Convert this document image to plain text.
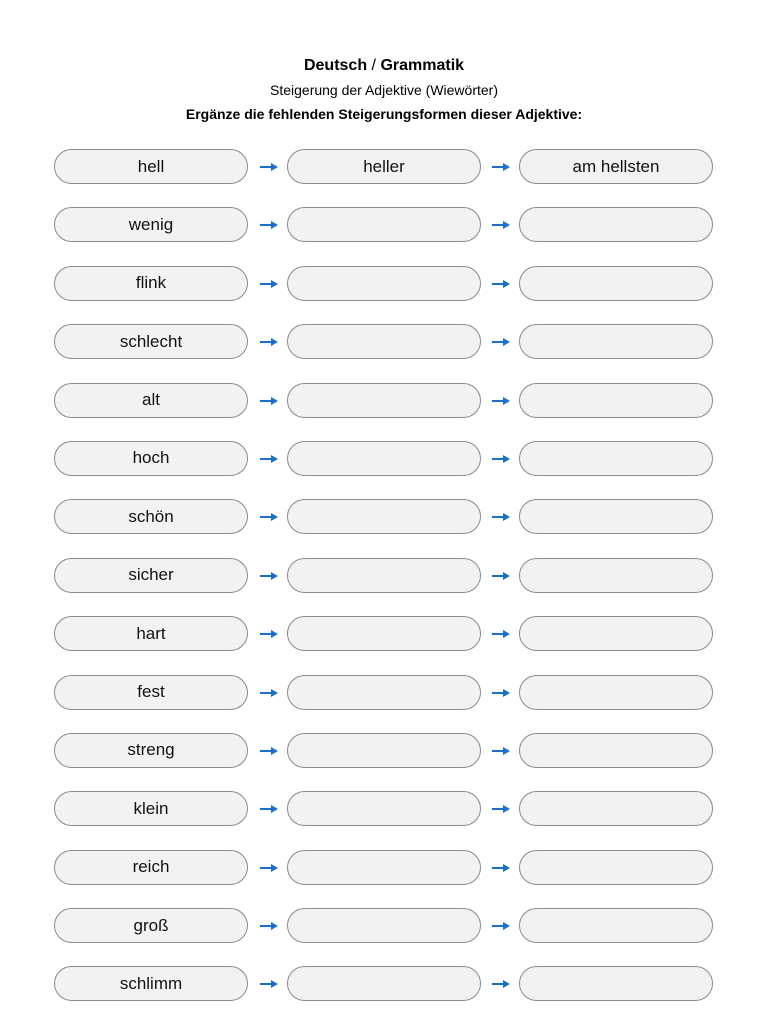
Deutsch / Grammatik
Steigerung der Adjektive (Wiewörter)
Ergänze die fehlenden Steigerungsformen dieser Adjektive:
hell
heller
am hellsten
wenig
flink
schlecht
alt
hoch
schön
sicher
hart
fest
streng
klein
reich
groß
schlimm
